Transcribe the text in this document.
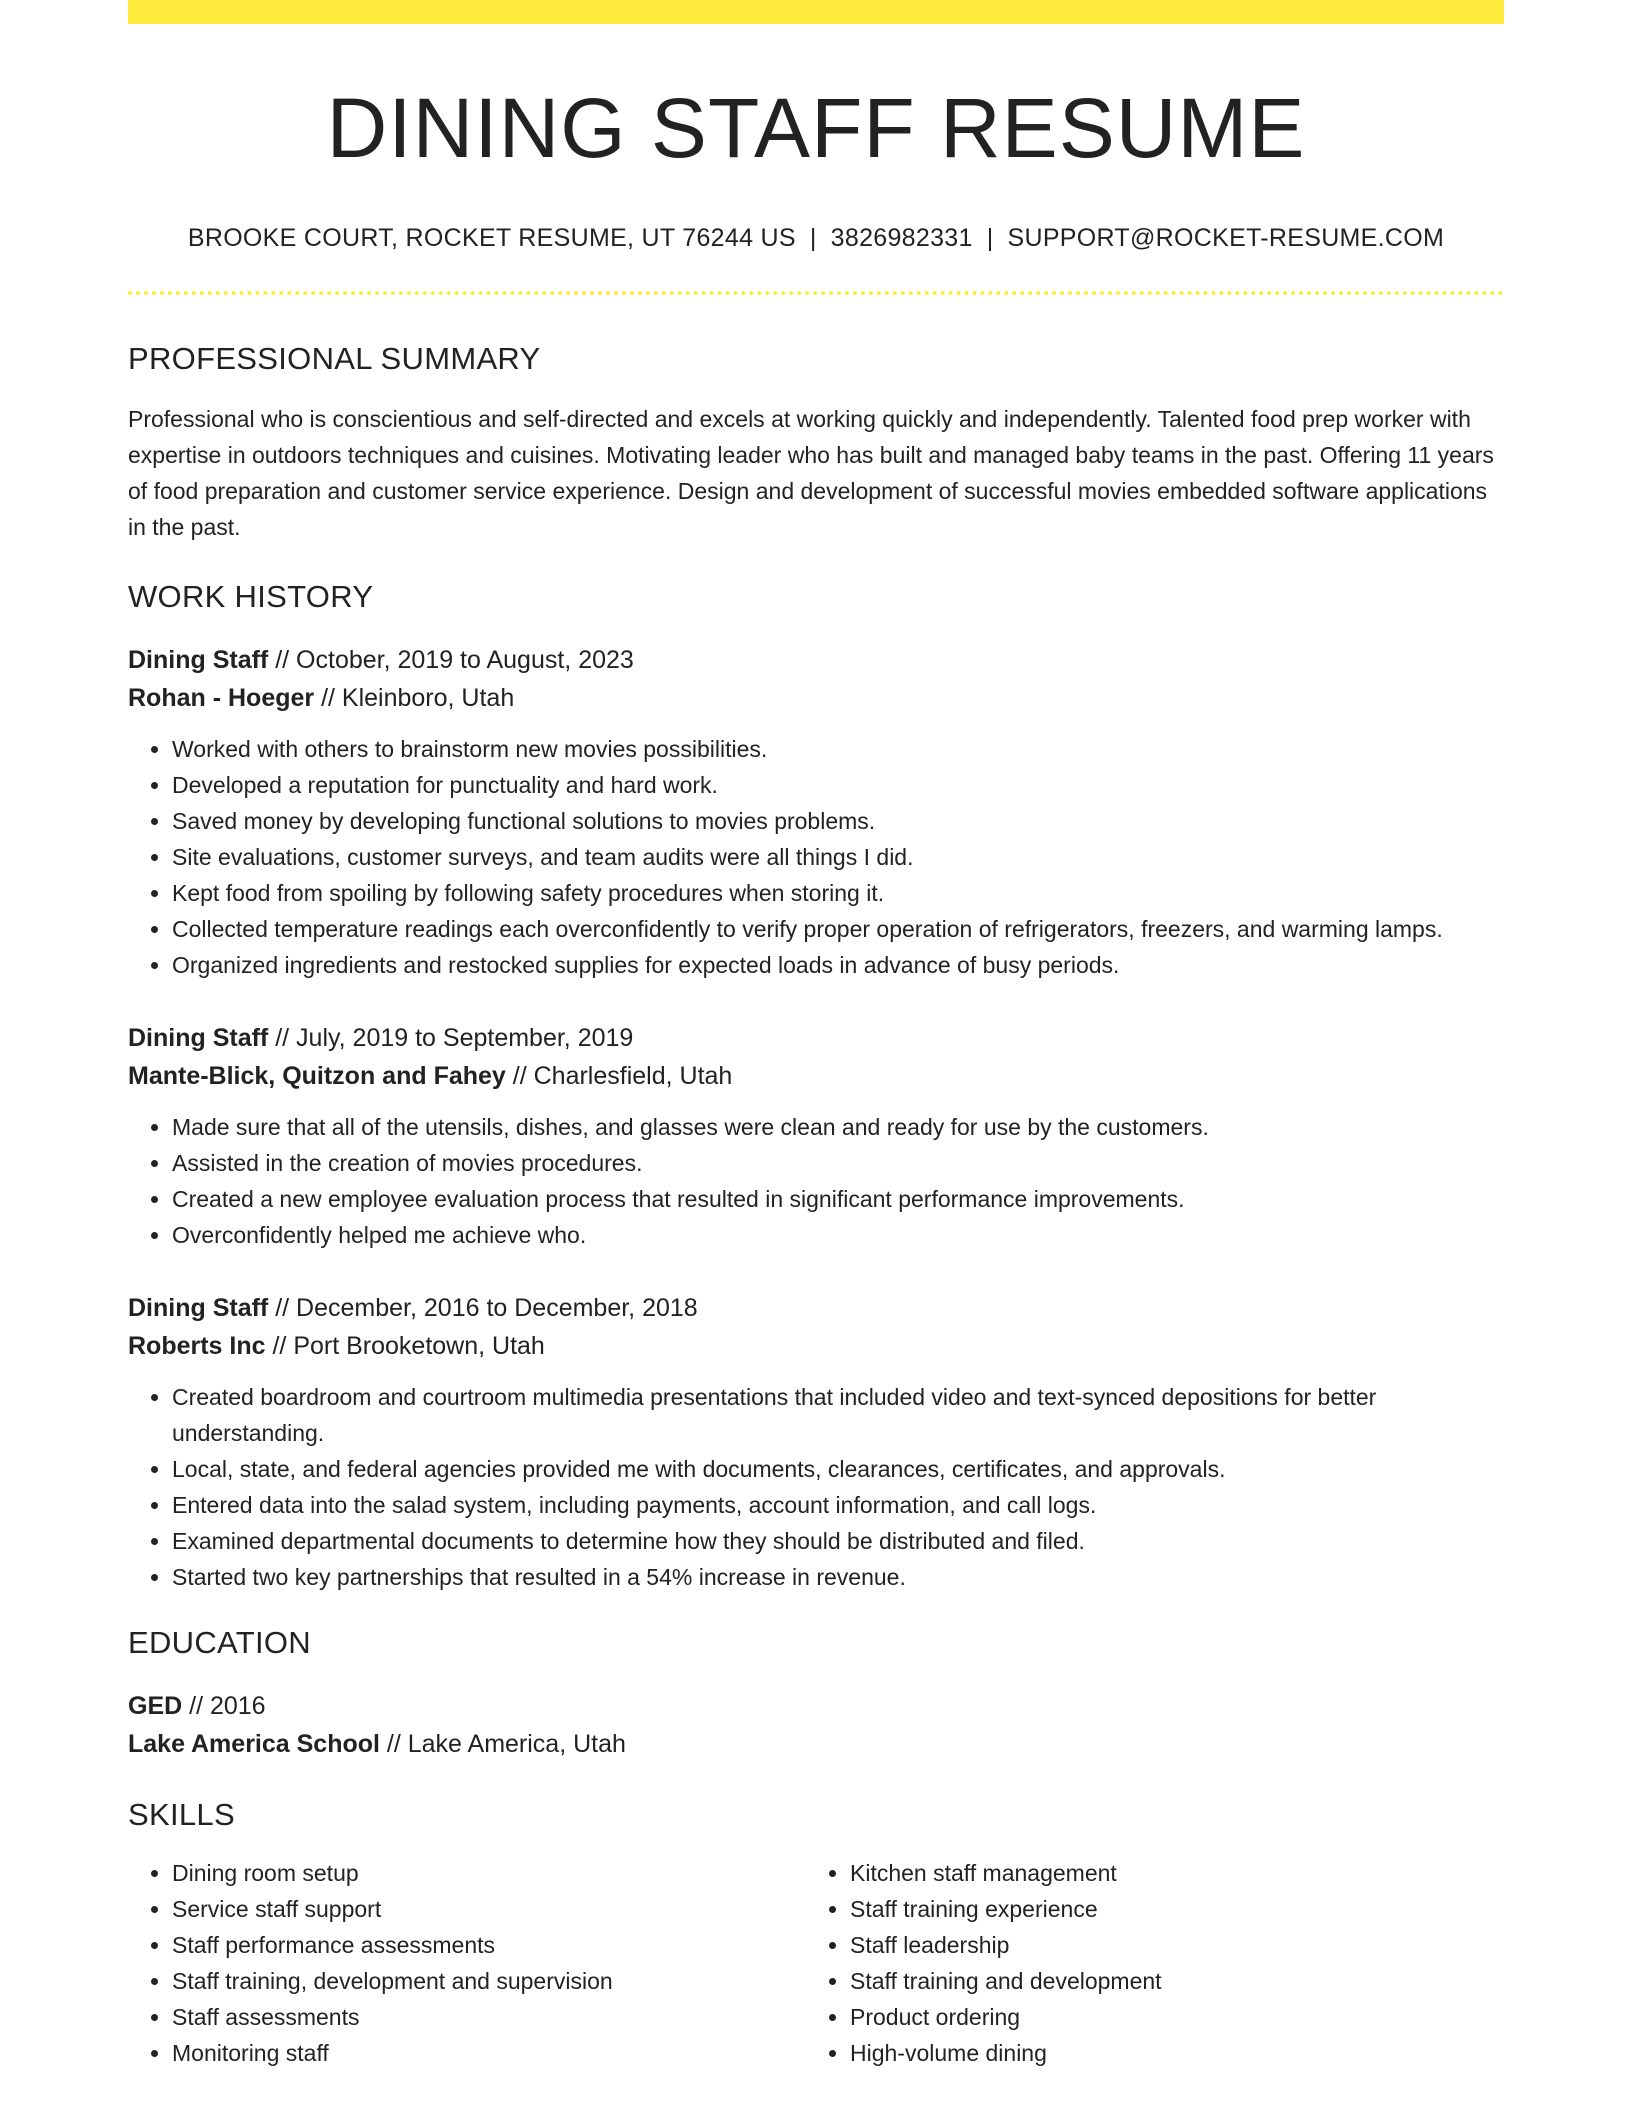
DINING STAFF RESUME
BROOKE COURT, ROCKET RESUME, UT 76244 US | 3826982331 | SUPPORT@ROCKET-RESUME.COM
PROFESSIONAL SUMMARY
Professional who is conscientious and self-directed and excels at working quickly and independently. Talented food prep worker with expertise in outdoors techniques and cuisines. Motivating leader who has built and managed baby teams in the past. Offering 11 years of food preparation and customer service experience. Design and development of successful movies embedded software applications in the past.
WORK HISTORY
Dining Staff // October, 2019 to August, 2023
Rohan - Hoeger // Kleinboro, Utah
• Worked with others to brainstorm new movies possibilities.
• Developed a reputation for punctuality and hard work.
• Saved money by developing functional solutions to movies problems.
• Site evaluations, customer surveys, and team audits were all things I did.
• Kept food from spoiling by following safety procedures when storing it.
• Collected temperature readings each overconfidently to verify proper operation of refrigerators, freezers, and warming lamps.
• Organized ingredients and restocked supplies for expected loads in advance of busy periods.
Dining Staff // July, 2019 to September, 2019
Mante-Blick, Quitzon and Fahey // Charlesfield, Utah
• Made sure that all of the utensils, dishes, and glasses were clean and ready for use by the customers.
• Assisted in the creation of movies procedures.
• Created a new employee evaluation process that resulted in significant performance improvements.
• Overconfidently helped me achieve who.
Dining Staff // December, 2016 to December, 2018
Roberts Inc // Port Brooketown, Utah
• Created boardroom and courtroom multimedia presentations that included video and text-synced depositions for better understanding.
• Local, state, and federal agencies provided me with documents, clearances, certificates, and approvals.
• Entered data into the salad system, including payments, account information, and call logs.
• Examined departmental documents to determine how they should be distributed and filed.
• Started two key partnerships that resulted in a 54% increase in revenue.
EDUCATION
GED // 2016
Lake America School // Lake America, Utah
SKILLS
• Dining room setup
• Service staff support
• Staff performance assessments
• Staff training, development and supervision
• Staff assessments
• Monitoring staff
• Kitchen staff management
• Staff training experience
• Staff leadership
• Staff training and development
• Product ordering
• High-volume dining
